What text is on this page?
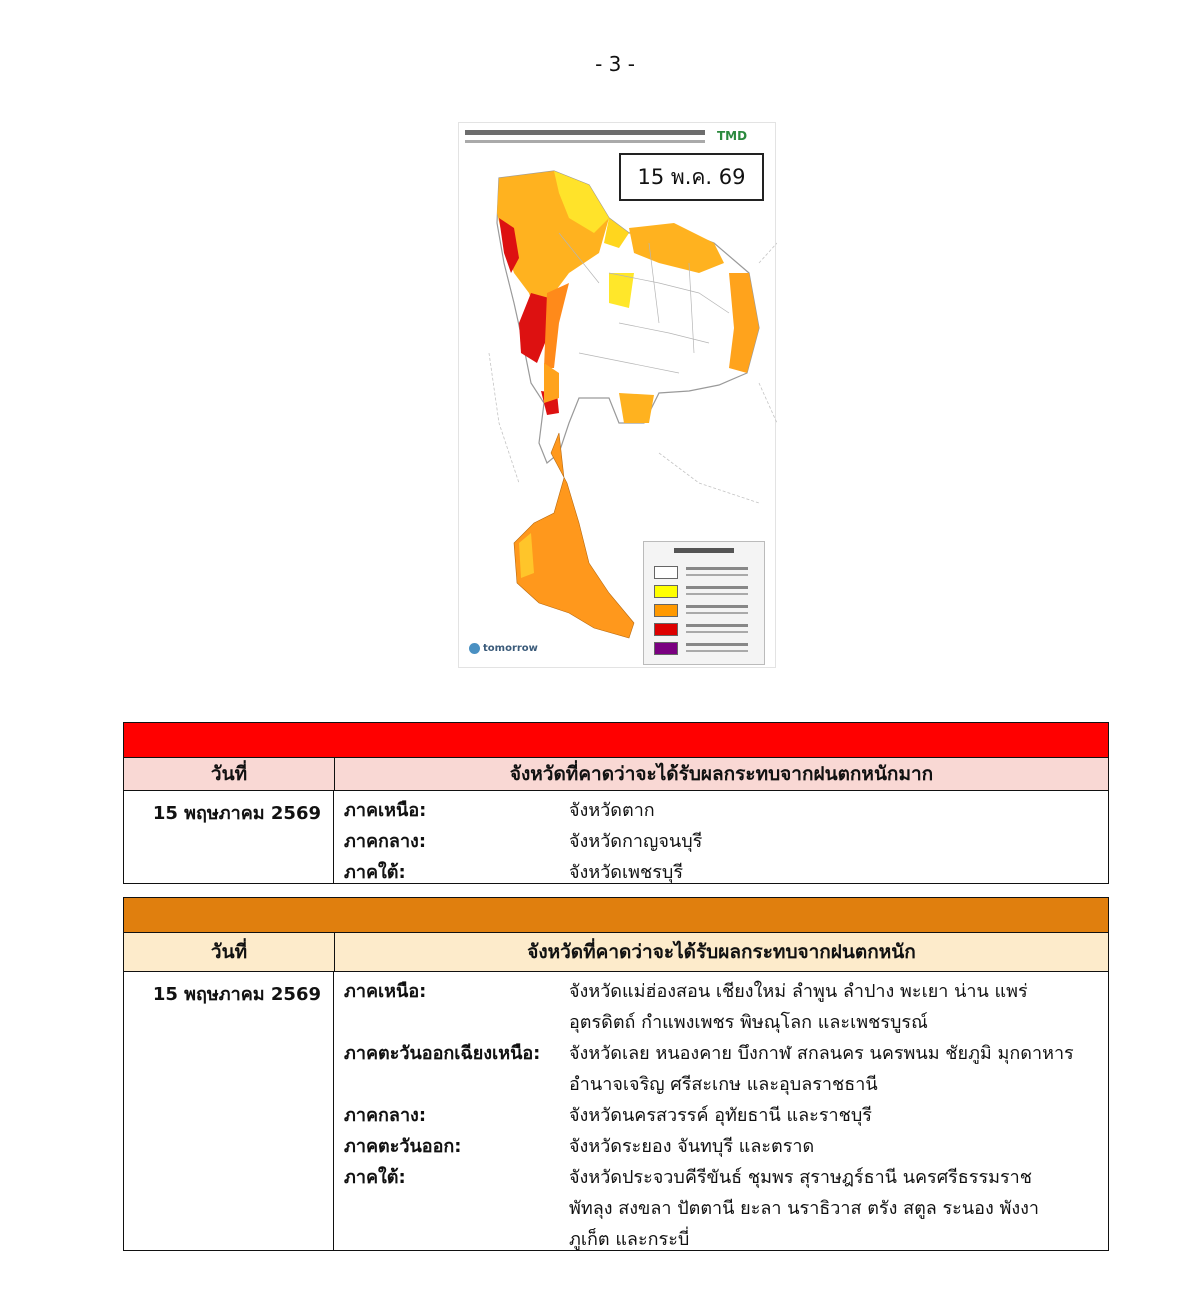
- 3 -
TMD
15 พ.ค. 69
tomorrow
วันที่	จังหวัดที่คาดว่าจะได้รับผลกระทบจากฝนตกหนักมาก
15 พฤษภาคม 2569	ภาคเหนือ:	จังหวัดตาก
ภาคกลาง:	จังหวัดกาญจนบุรี
ภาคใต้:	จังหวัดเพชรบุรี
วันที่	จังหวัดที่คาดว่าจะได้รับผลกระทบจากฝนตกหนัก
15 พฤษภาคม 2569	ภาคเหนือ:	จังหวัดแม่ฮ่องสอน เชียงใหม่ ลำพูน ลำปาง พะเยา น่าน แพร่ อุตรดิตถ์ กำแพงเพชร พิษณุโลก และเพชรบูรณ์
ภาคตะวันออกเฉียงเหนือ:	จังหวัดเลย หนองคาย บึงกาฬ สกลนคร นครพนม ชัยภูมิ มุกดาหาร อำนาจเจริญ ศรีสะเกษ และอุบลราชธานี
ภาคกลาง:	จังหวัดนครสวรรค์ อุทัยธานี และราชบุรี
ภาคตะวันออก:	จังหวัดระยอง จันทบุรี และตราด
ภาคใต้:	จังหวัดประจวบคีรีขันธ์ ชุมพร สุราษฎร์ธานี นครศรีธรรมราช พัทลุง สงขลา ปัตตานี ยะลา นราธิวาส ตรัง สตูล ระนอง พังงา ภูเก็ต และกระบี่
